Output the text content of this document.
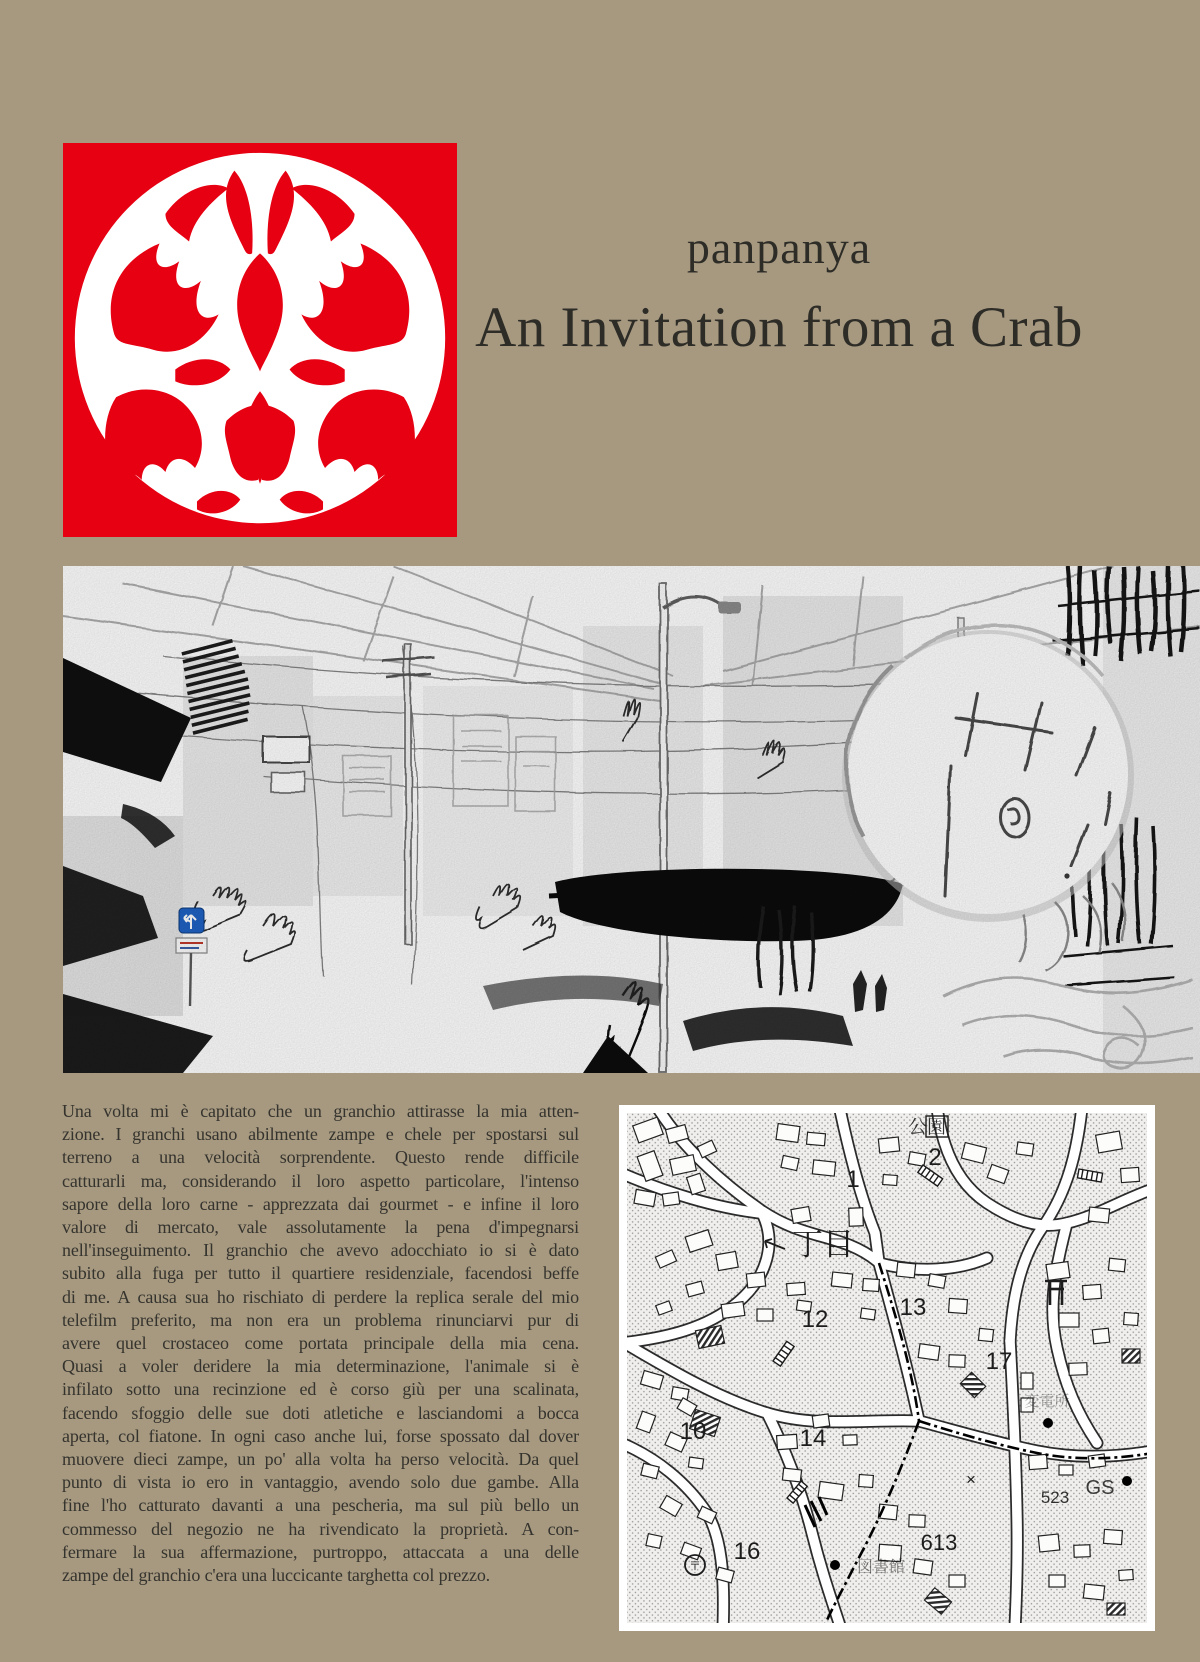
panpanya
An Invitation from a Crab
Una volta mi è capitato che un granchio attirasse la mia atten-
zione. I granchi usano abilmente zampe e chele per spostarsi sul
terreno a una velocità sorprendente. Questo rende difficile
catturarli ma, considerando il loro aspetto particolare, l'intenso
sapore della loro carne - apprezzata dai gourmet - e infine il loro
valore di mercato, vale assolutamente la pena d'impegnarsi
nell'inseguimento. Il granchio che avevo adocchiato io si è dato
subito alla fuga per tutto il quartiere residenziale, facendosi beffe
di me. A causa sua ho rischiato di perdere la replica serale del mio
telefilm preferito, ma non era un problema rinunciarvi pur di
avere quel crostaceo come portata principale della mia cena.
Quasi a voler deridere la mia determinazione, l'animale si è
infilato sotto una recinzione ed è corso giù per una scalinata,
facendo sfoggio delle sue doti atletiche e lasciandomi a bocca
aperta, col fiatone. In ogni caso anche lui, forse spossato dal dover
muovere dieci zampe, un po' alla volta ha perso velocità. Da quel
punto di vista io ero in vantaggio, avendo solo due gambe. Alla
fine l'ho catturato davanti a una pescheria, ma sul più bello un
commesso del negozio ne ha rivendicato la proprietà. A con-
fermare la sua affermazione, purtroppo, attaccata a una delle
zampe del granchio c'era una luccicante targhetta col prezzo.
公園
2
1
丁目
13
12
17
10	14
16	613
523 GS
図書館
変電所
×
〒
